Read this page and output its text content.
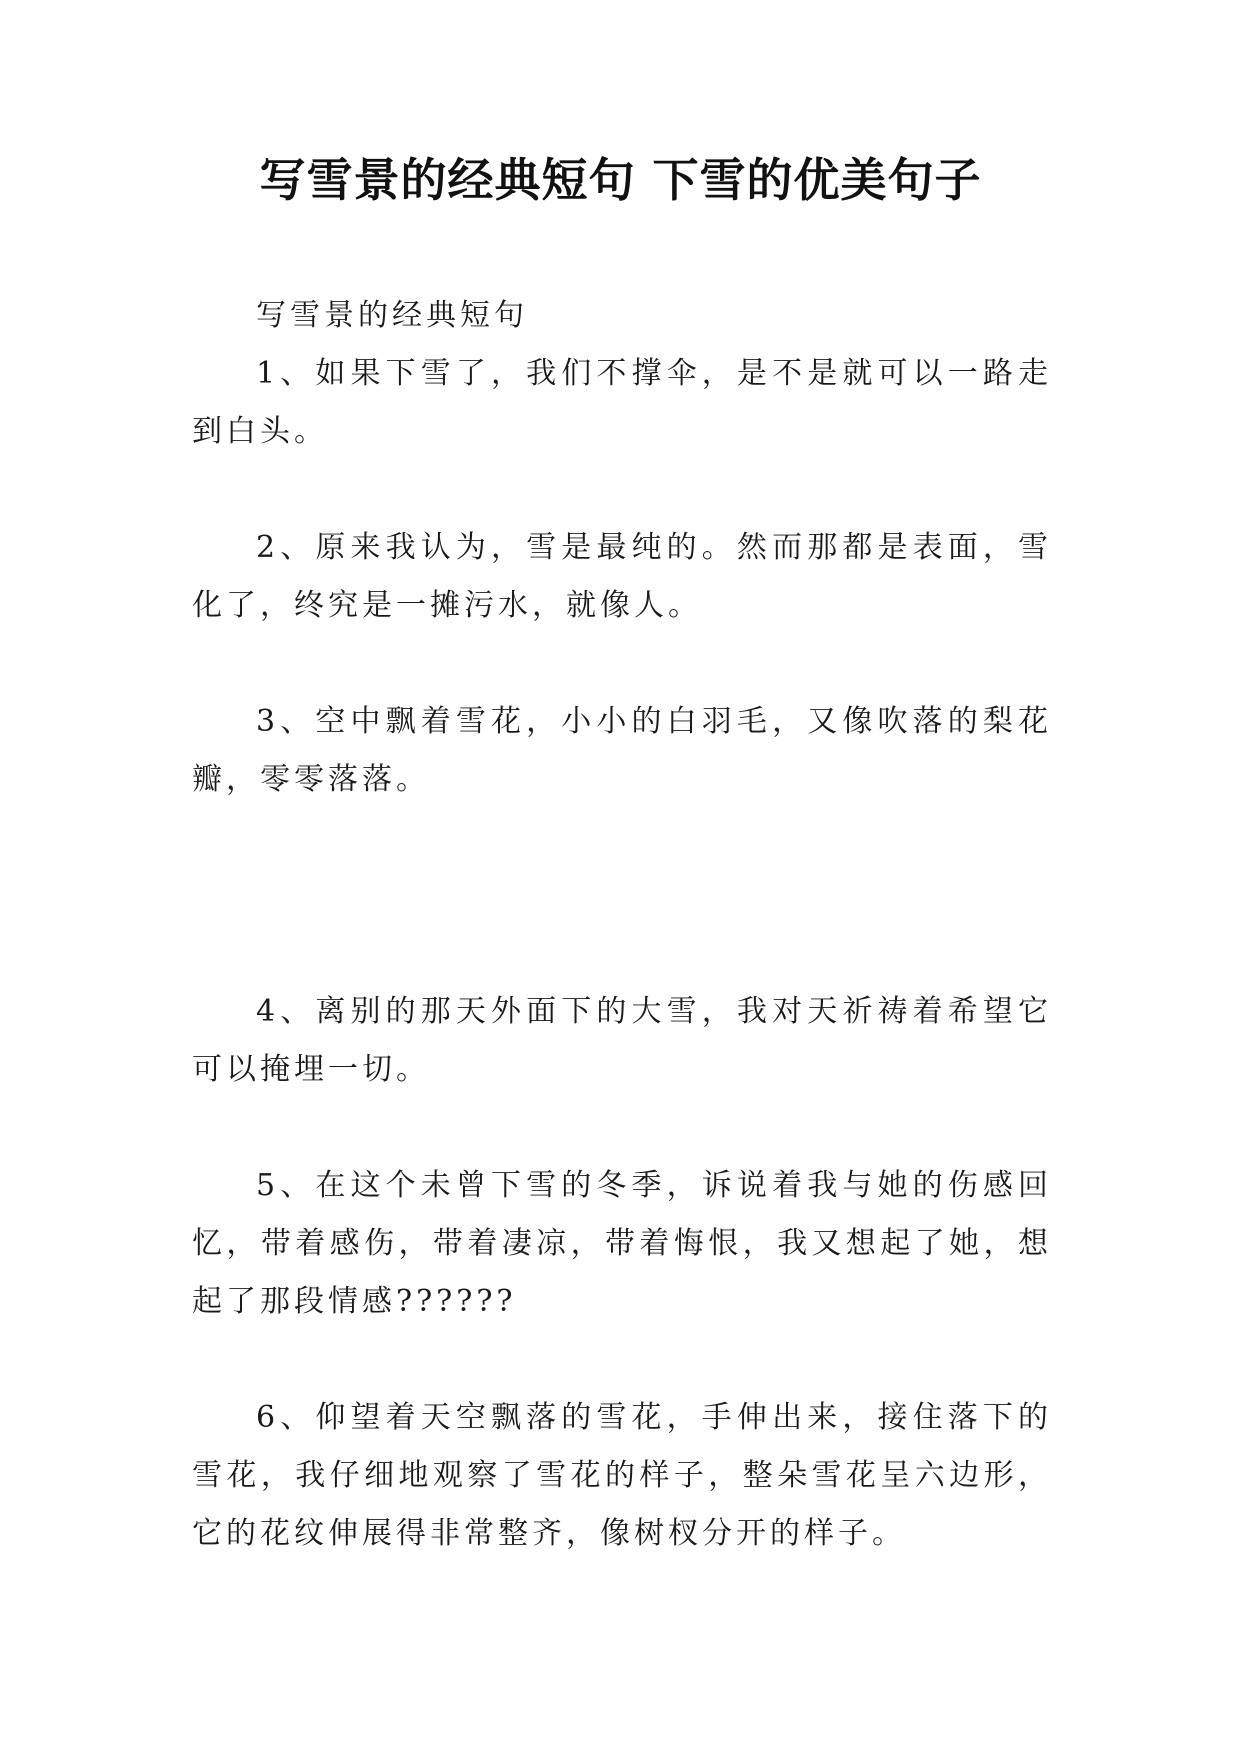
写雪景的经典短句 下雪的优美句子

写雪景的经典短句

1、如果下雪了，我们不撑伞，是不是就可以一路走到白头。

2、原来我认为，雪是最纯的。然而那都是表面，雪化了，终究是一摊污水，就像人。

3、空中飘着雪花，小小的白羽毛，又像吹落的梨花瓣，零零落落。

4、离别的那天外面下的大雪，我对天祈祷着希望它可以掩埋一切。

5、在这个未曾下雪的冬季，诉说着我与她的伤感回忆，带着感伤，带着凄凉，带着悔恨，我又想起了她，想起了那段情感??????

6、仰望着天空飘落的雪花，手伸出来，接住落下的雪花，我仔细地观察了雪花的样子，整朵雪花呈六边形，它的花纹伸展得非常整齐，像树杈分开的样子。
